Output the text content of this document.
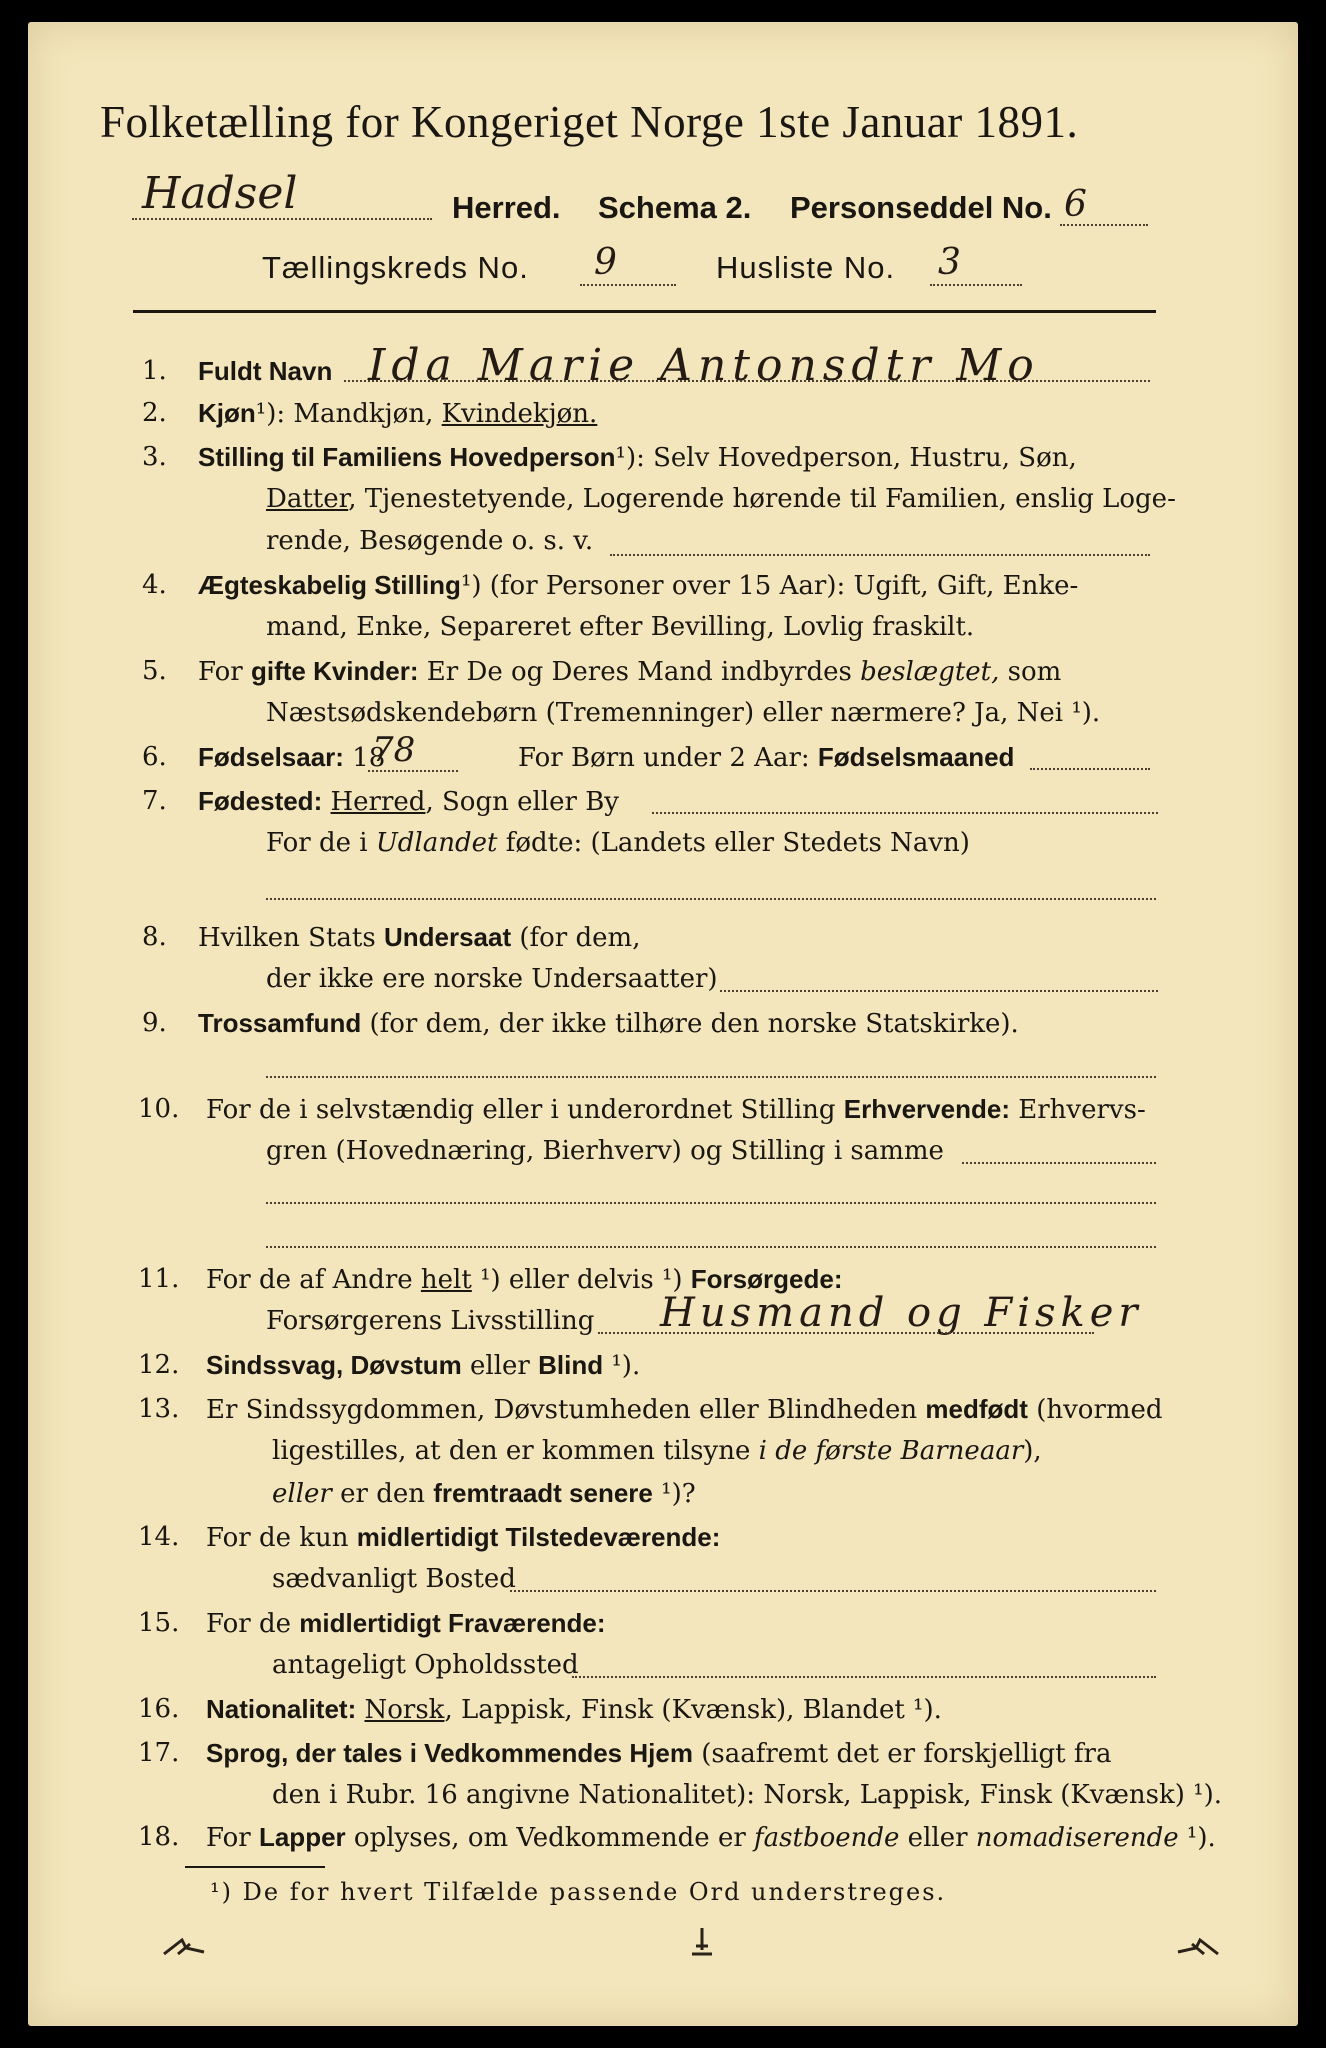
Folketælling for Kongeriget Norge 1ste Januar 1891.
Hadsel	Herred. Schema 2. Personseddel No. 6
Tællingskreds No. 9	Husliste No. 3
1. Fuldt Navn Ida Marie Antonsdtr Mo
2. Kjøn¹): Mandkjøn, Kvindekjøn.
3. Stilling til Familiens Hovedperson¹): Selv Hovedperson, Hustru, Søn,
Datter, Tjenestetyende, Logerende hørende til Familien, enslig Loge-
rende, Besøgende o. s. v.
4. Ægteskabelig Stilling¹) (for Personer over 15 Aar): Ugift, Gift, Enke-
mand, Enke, Separeret efter Bevilling, Lovlig fraskilt.
5. For gifte Kvinder: Er De og Deres Mand indbyrdes beslægtet, som
Næstsødskendebørn (Tremenninger) eller nærmere? Ja, Nei ¹).
6. Fødselsaar: 18
78	For Børn under 2 Aar: Fødselsmaaned
7. Fødested: Herred, Sogn eller By
For de i Udlandet fødte: (Landets eller Stedets Navn)
8. Hvilken Stats Undersaat (for dem,
der ikke ere norske Undersaatter)
9. Trossamfund (for dem, der ikke tilhøre den norske Statskirke).
10. For de i selvstændig eller i underordnet Stilling Erhvervende: Erhvervs-
gren (Hovednæring, Bierhverv) og Stilling i samme
11. For de af Andre helt ¹) eller delvis ¹) Forsørgede:
Forsørgerens Livsstilling Husmand og Fisker
12. Sindssvag, Døvstum eller Blind ¹).
13. Er Sindssygdommen, Døvstumheden eller Blindheden medfødt (hvormed
ligestilles, at den er kommen tilsyne i de første Barneaar),
eller er den fremtraadt senere ¹)?
14. For de kun midlertidigt Tilstedeværende:
sædvanligt Bosted
15. For de midlertidigt Fraværende:
antageligt Opholdssted
16. Nationalitet: Norsk, Lappisk, Finsk (Kvænsk), Blandet ¹).
17. Sprog, der tales i Vedkommendes Hjem (saafremt det er forskjelligt fra
den i Rubr. 16 angivne Nationalitet): Norsk, Lappisk, Finsk (Kvænsk) ¹).
18. For Lapper oplyses, om Vedkommende er fastboende eller nomadiserende ¹).
¹) De for hvert Tilfælde passende Ord understreges.
